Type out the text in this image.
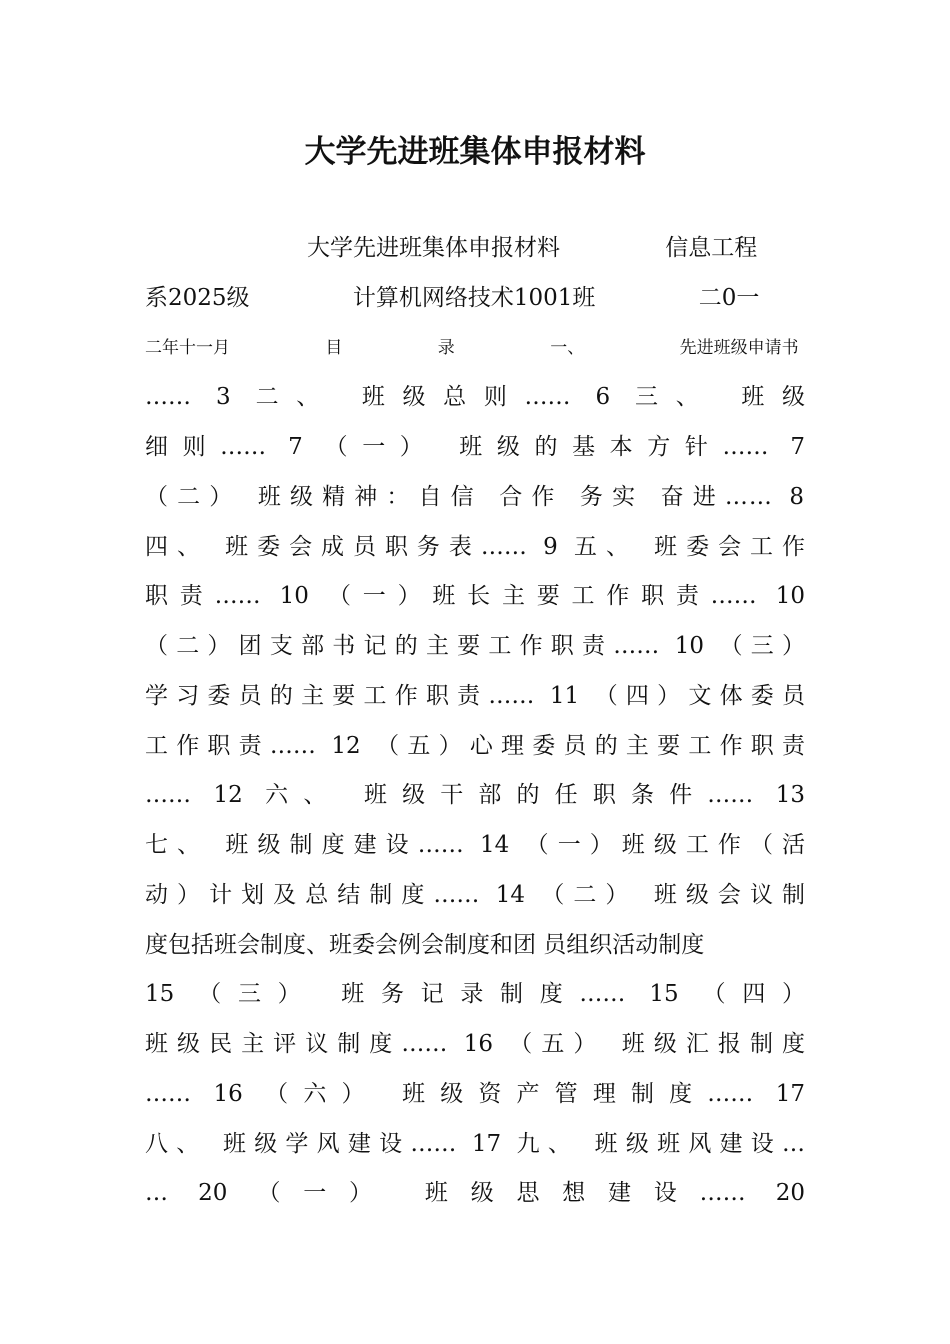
大学先进班集体申报材料
大学先进班集体申报材料 信息工程
系2025级 计算机网络技术1001班 二0一
二年十一月 目 录 一、 先进班级申请书
…… 3 二、 班级总则…… 6 三、 班级
细则…… 7 （一） 班级的基本方针…… 7
（二） 班级精神：自信 合作 务实 奋进…… 8
四、 班委会成员职务表…… 9 五、 班委会工作
职责…… 10 （一）班长主要工作职责…… 10
（二）团支部书记的主要工作职责…… 10 （三）
学习委员的主要工作职责…… 11 （四）文体委员
工作职责…… 12 （五）心理委员的主要工作职责
…… 12 六、 班级干部的任职条件…… 13
七、 班级制度建设…… 14 （一）班级工作（活
动）计划及总结制度…… 14 （二） 班级会议制
度包括班会制度、班委会例会制度和团 员组织活动制度
15 （三） 班务记录制度…… 15 （四）
班级民主评议制度…… 16 （五） 班级汇报制度
…… 16 （六） 班级资产管理制度…… 17
八、 班级学风建设…… 17 九、 班级班风建设…
… 20 （一） 班级思想建设…… 20
